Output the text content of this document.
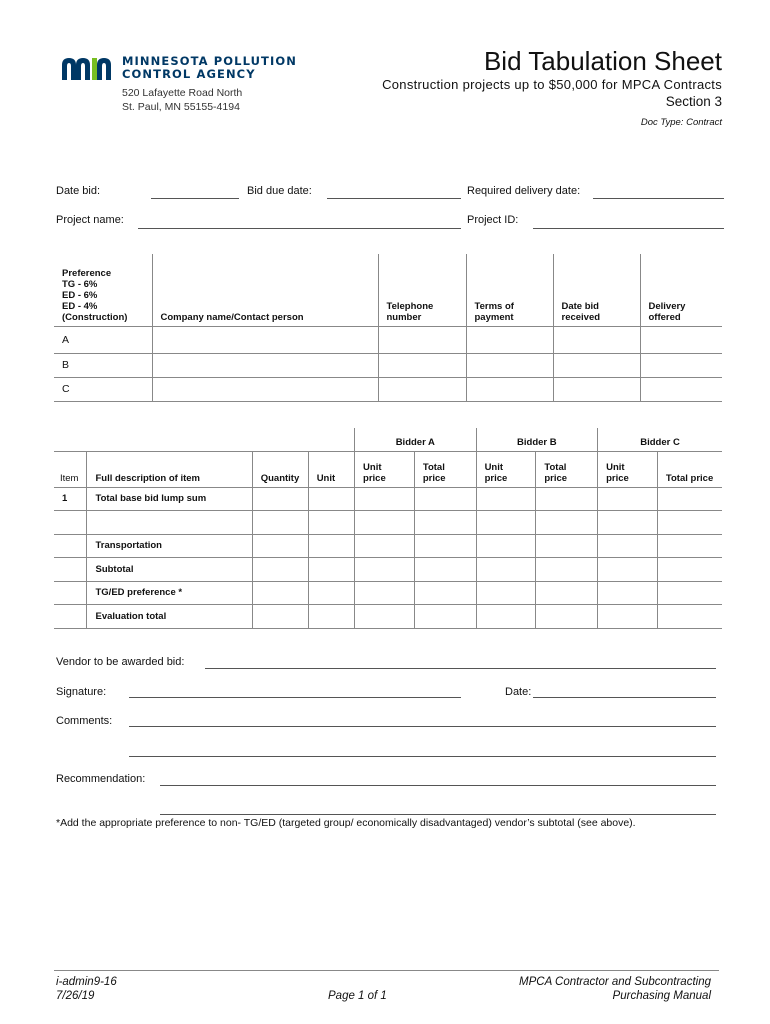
MINNESOTA POLLUTION
CONTROL AGENCY
520 Lafayette Road North
St. Paul, MN 55155-4194
Bid Tabulation Sheet
Construction projects up to $50,000 for MPCA Contracts
Section 3
Doc Type: Contract
Date bid:	Bid due date:	Required delivery date:
Project name:	Project ID:
Preference
TG - 6%
ED - 6%
ED - 4%
(Construction)	Company name/Contact person	Telephone number	Terms of payment	Date bid received	Delivery offered
A					
B					
C					
				Bidder A		Bidder B		Bidder C	
Item	Full description of item	Quantity	Unit	Unit price	Total price	Unit price	Total price	Unit price	Total price
1	Total base bid lump sum								

	Transportation								
	Subtotal								
	TG/ED preference *								
	Evaluation total								
Vendor to be awarded bid:
Signature:	Date:
Comments:
Recommendation:
*Add the appropriate preference to non- TG/ED (targeted group/ economically disadvantaged) vendor’s subtotal (see above).
i-admin9-16
7/26/19	Page 1 of 1
MPCA Contractor and Subcontracting
Purchasing Manual
